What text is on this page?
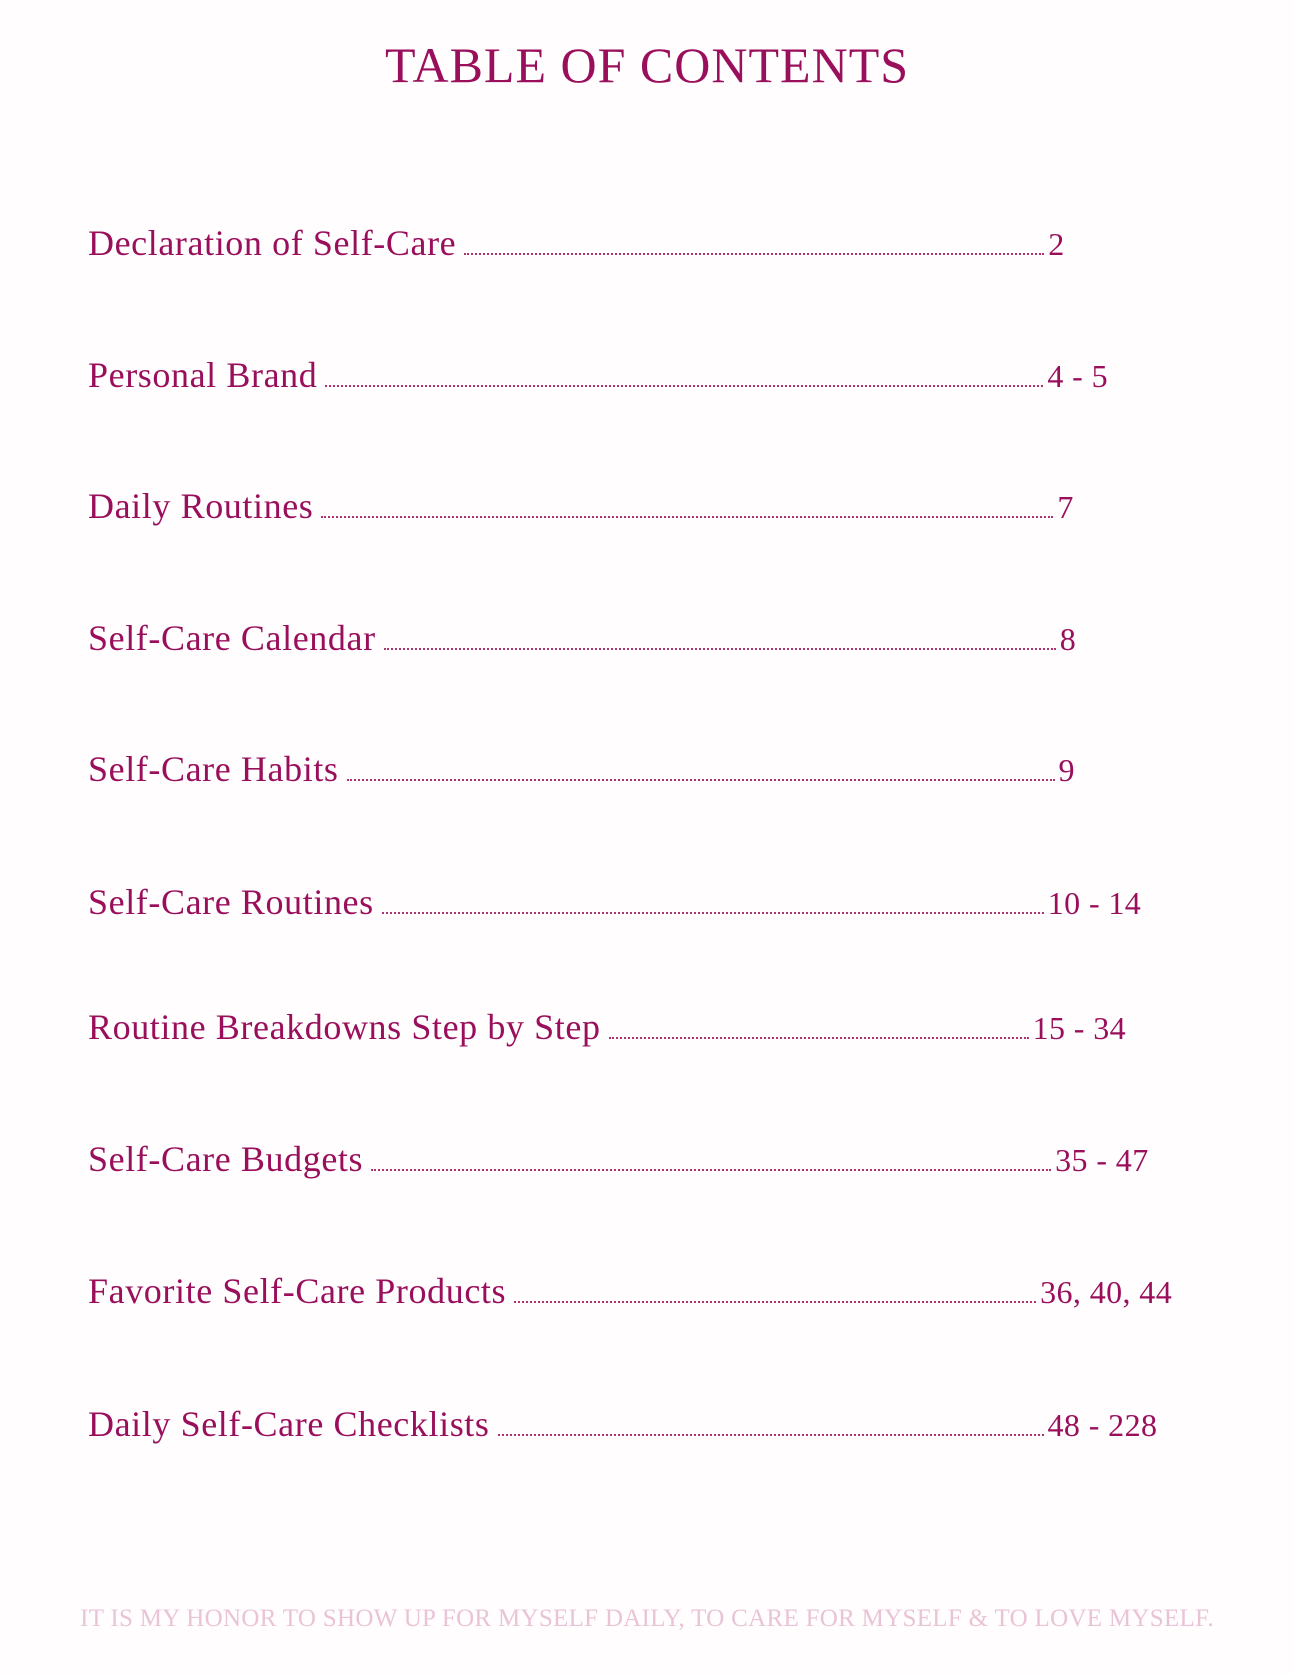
TABLE OF CONTENTS
Declaration of Self-Care	2
Personal Brand	4 - 5
Daily Routines	7
Self-Care Calendar	8
Self-Care Habits	9
Self-Care Routines	10 - 14
Routine Breakdowns Step by Step	15 - 34
Self-Care Budgets	35 - 47
Favorite Self-Care Products	36, 40, 44
Daily Self-Care Checklists	48 - 228
IT IS MY HONOR TO SHOW UP FOR MYSELF DAILY, TO CARE FOR MYSELF & TO LOVE MYSELF.
